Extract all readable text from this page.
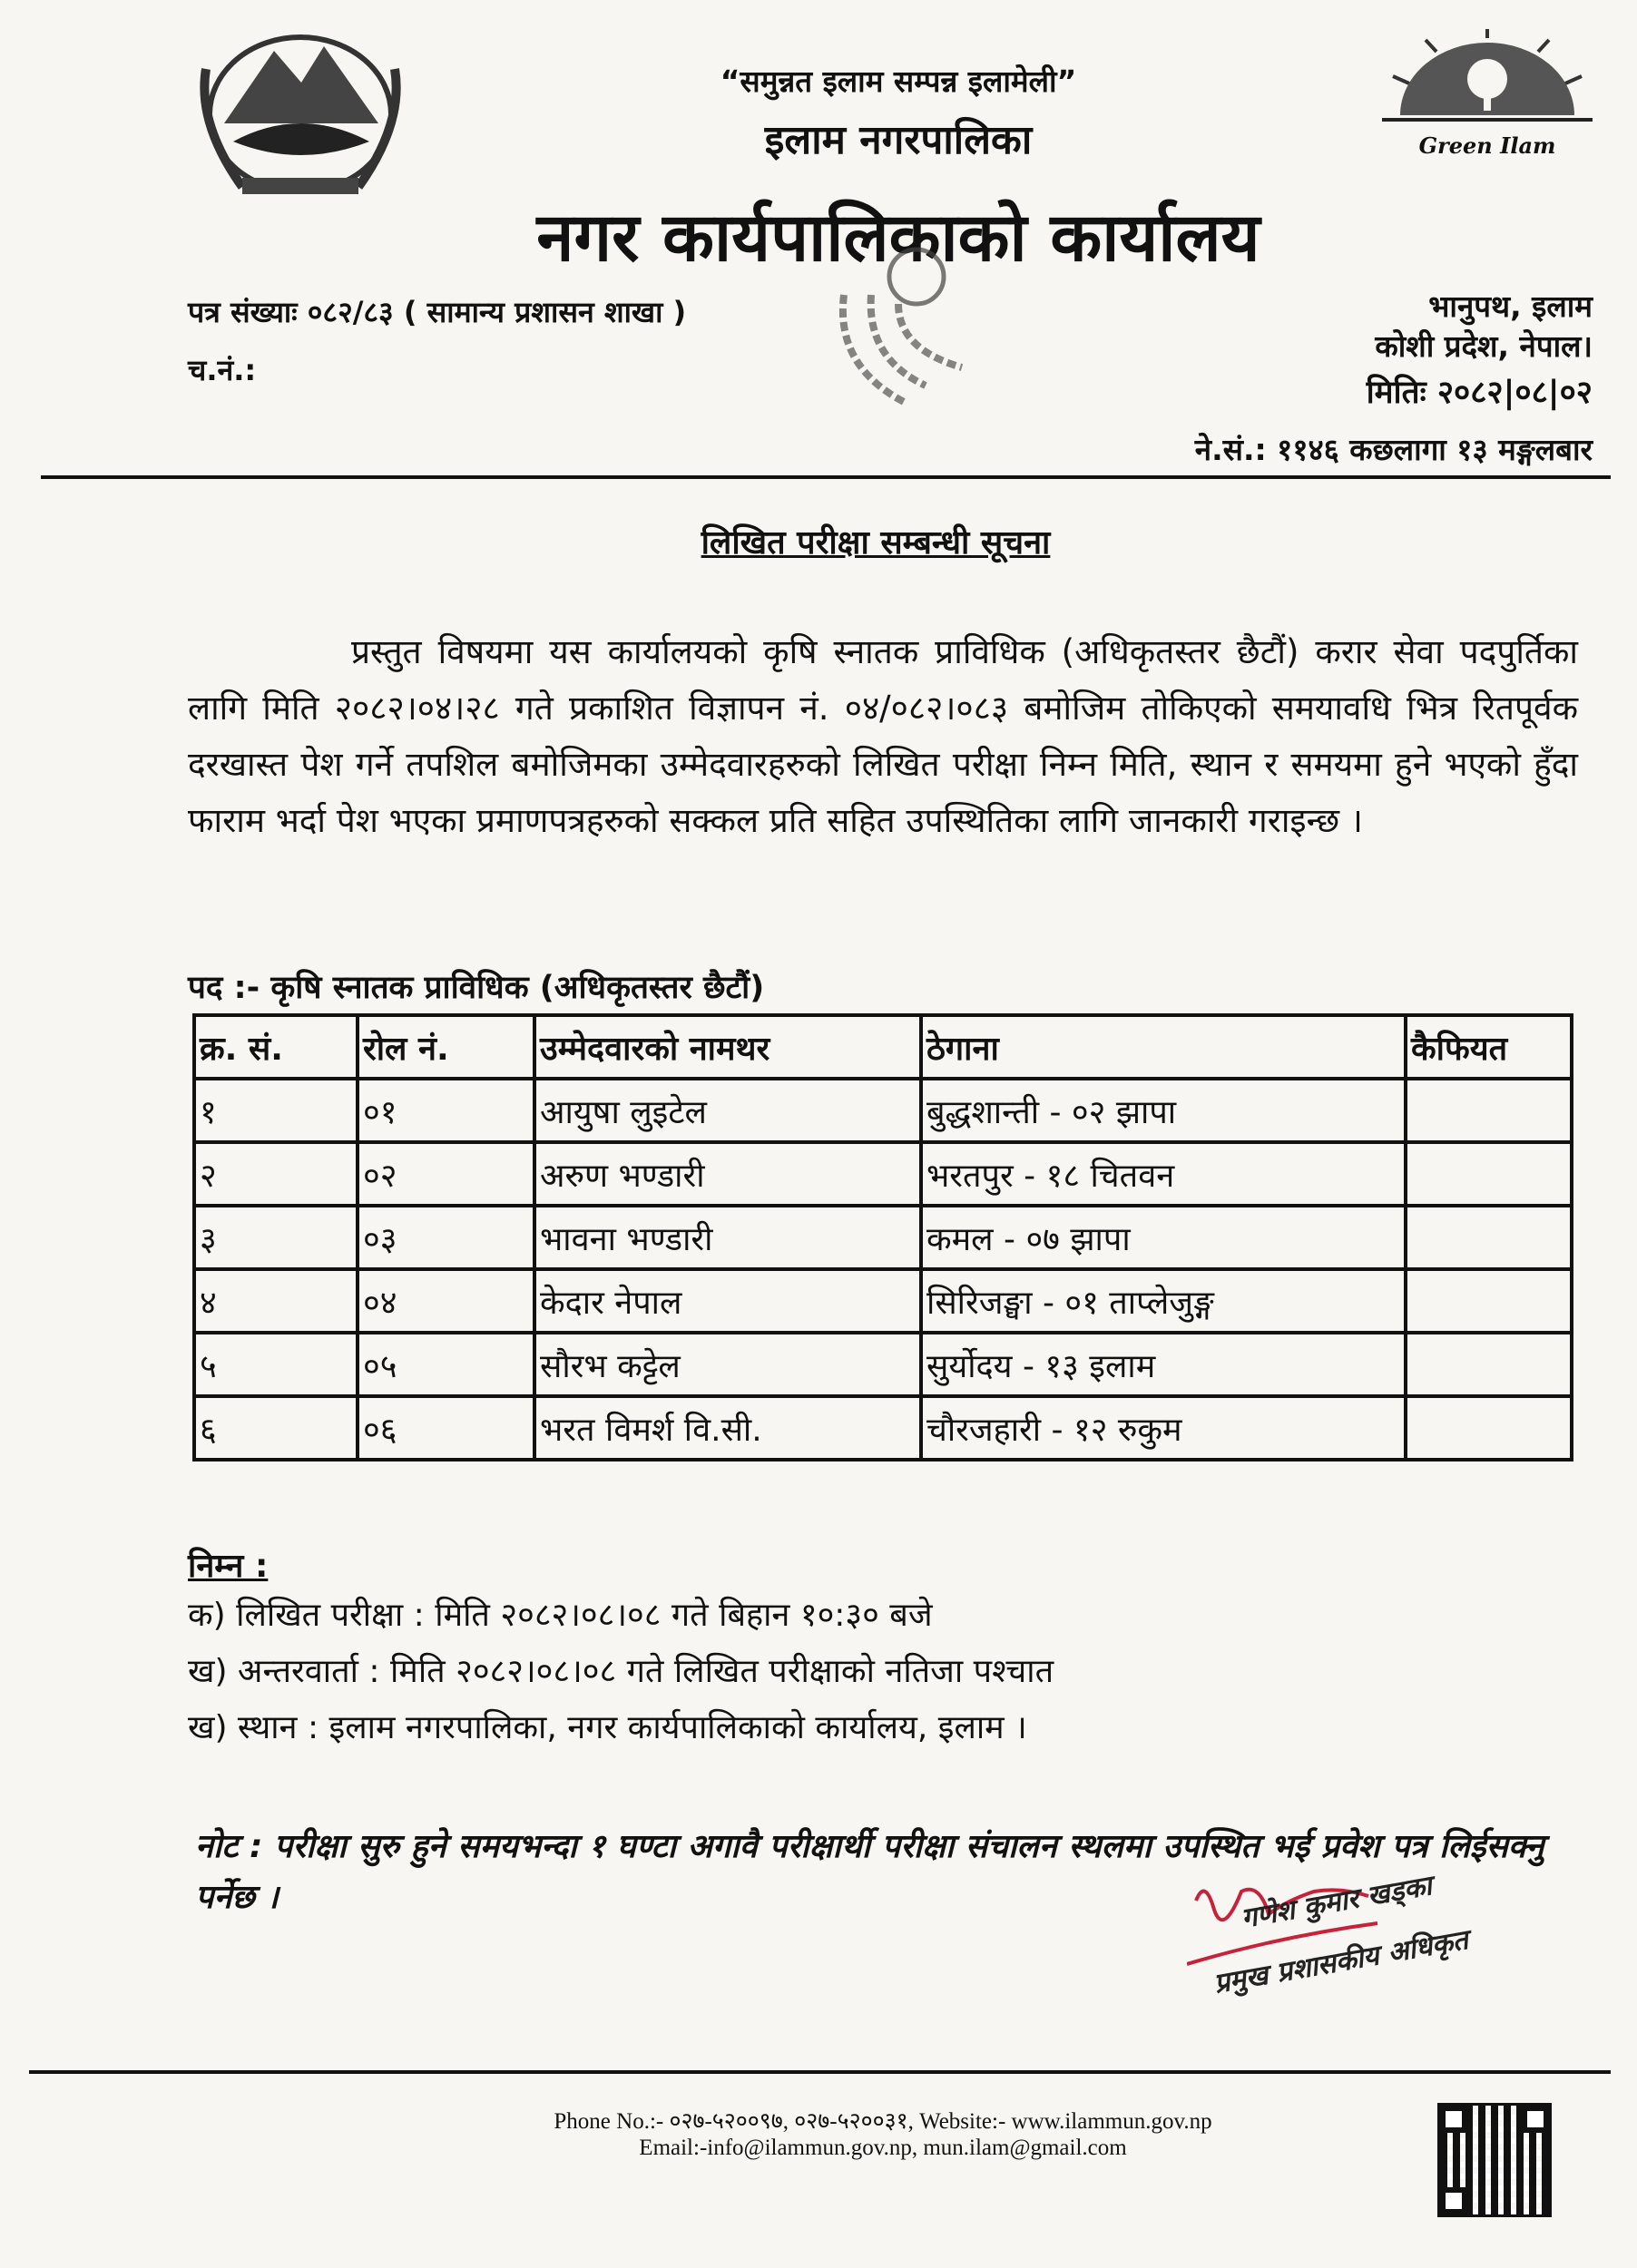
“समुन्नत इलाम सम्पन्न इलामेली”
इलाम नगरपालिका
नगर कार्यपालिकाको कार्यालय
Green Ilam
पत्र संख्याः ०८२/८३ ( सामान्य प्रशासन शाखा )
च.नं.:
भानुपथ, इलाम
कोशी प्रदेश, नेपाल।
मितिः २०८२|०८|०२
ने.सं.: ११४६ कछलागा १३ मङ्गलबार
लिखित परीक्षा सम्बन्धी सूचना
प्रस्तुत विषयमा यस कार्यालयको कृषि स्नातक प्राविधिक (अधिकृतस्तर छैटौं) करार सेवा पदपुर्तिका लागि मिति २०८२।०४।२८ गते प्रकाशित विज्ञापन नं. ०४/०८२।०८३ बमोजिम तोकिएको समयावधि भित्र रितपूर्वक दरखास्त पेश गर्ने तपशिल बमोजिमका उम्मेदवारहरुको लिखित परीक्षा निम्न मिति, स्थान र समयमा हुने भएको हुँदा फाराम भर्दा पेश भएका प्रमाणपत्रहरुको सक्कल प्रति सहित उपस्थितिका लागि जानकारी गराइन्छ ।
पद :- कृषि स्नातक प्राविधिक (अधिकृतस्तर छैटौं)
क्र. सं.	रोल नं.	उम्मेदवारको नामथर	ठेगाना	कैफियत
१	०१	आयुषा लुइटेल	बुद्धशान्ती - ०२ झापा	
२	०२	अरुण भण्डारी	भरतपुर - १८ चितवन	
३	०३	भावना भण्डारी	कमल - ०७ झापा	
४	०४	केदार नेपाल	सिरिजङ्घा - ०१ ताप्लेजुङ्ग	
५	०५	सौरभ कट्टेल	सुर्योदय - १३ इलाम	
६	०६	भरत विमर्श वि.सी.	चौरजहारी - १२ रुकुम	
निम्न :
क) लिखित परीक्षा : मिति २०८२।०८।०८ गते बिहान १०:३० बजे
ख) अन्तरवार्ता : मिति २०८२।०८।०८ गते लिखित परीक्षाको नतिजा पश्चात
ख) स्थान : इलाम नगरपालिका, नगर कार्यपालिकाको कार्यालय, इलाम ।
नोट : परीक्षा सुरु हुने समयभन्दा १ घण्टा अगावै परीक्षार्थी परीक्षा संचालन स्थलमा उपस्थित भई प्रवेश पत्र लिईसक्नु पर्नेछ ।	गणेश कुमार खड्का
प्रमुख प्रशासकीय अधिकृत
Phone No.:- ०२७-५२००९७, ०२७-५२००३१, Website:- www.ilammun.gov.np
Email:-info@ilammun.gov.np, mun.ilam@gmail.com
